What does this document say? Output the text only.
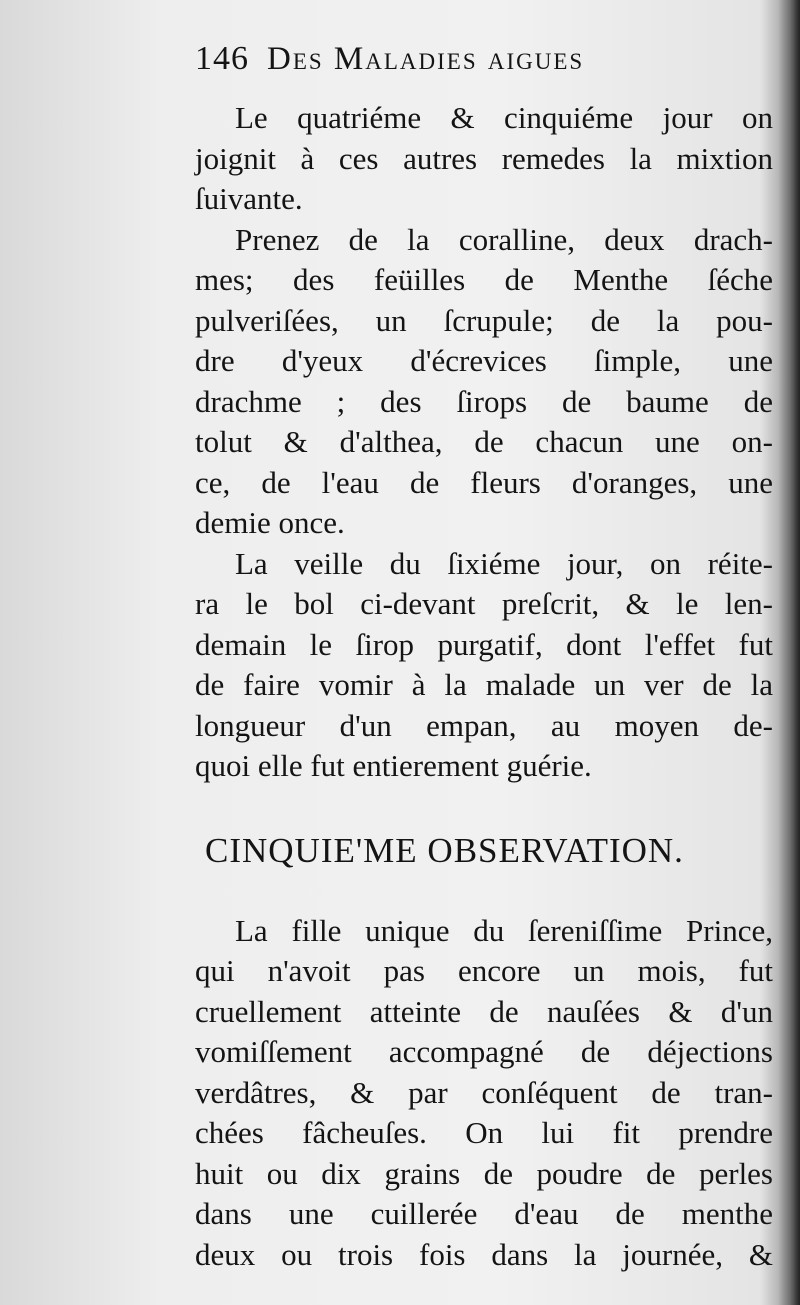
146 Des Maladies aigues

Le quatriéme & cinquiéme jour on
joignit à ces autres remedes la mixtion
ſuivante.

Prenez de la coralline, deux drach-
mes; des feüilles de Menthe ſéche
pulveriſées, un ſcrupule; de la pou-
dre d'yeux d'écrevices ſimple, une
drachme ; des ſirops de baume de
tolut & d'althea, de chacun une on-
ce, de l'eau de fleurs d'oranges, une
demie once.

La veille du ſixiéme jour, on réite-
ra le bol ci-devant preſcrit, & le len-
demain le ſirop purgatif, dont l'effet fut
de faire vomir à la malade un ver de la
longueur d'un empan, au moyen de-
quoi elle fut entierement guérie.

CINQUIE'ME OBSERVATION.

La fille unique du ſereniſſime Prince,
qui n'avoit pas encore un mois, fut
cruellement atteinte de nauſées & d'un
vomiſſement accompagné de déjections
verdâtres, & par conſéquent de tran-
chées fâcheuſes. On lui fit prendre
huit ou dix grains de poudre de perles
dans une cuillerée d'eau de menthe
deux ou trois fois dans la journée, &
